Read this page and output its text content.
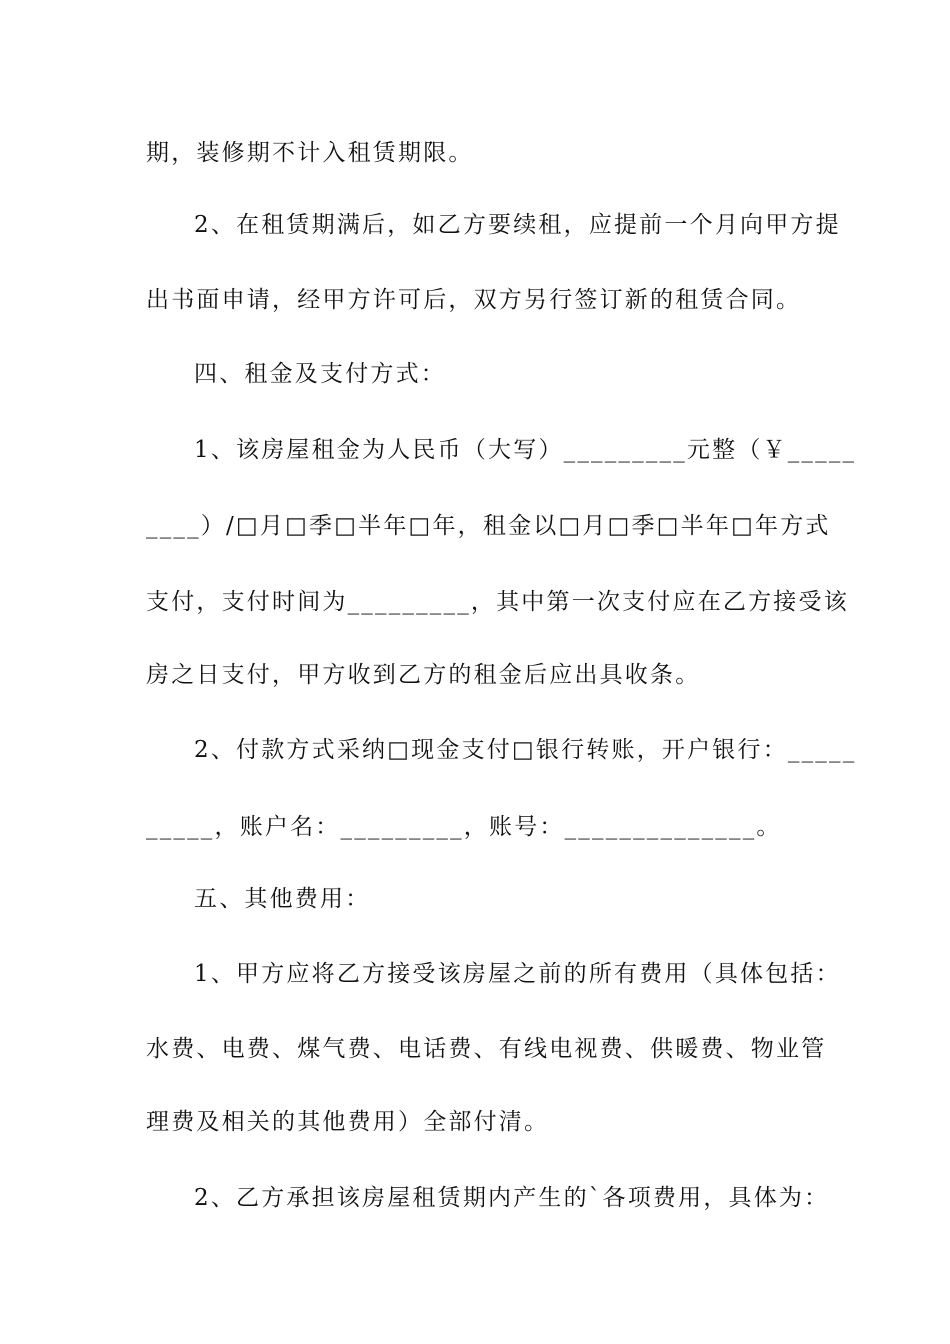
期，装修期不计入租赁期限。
2、在租赁期满后，如乙方要续租，应提前一个月向甲方提
出书面申请，经甲方许可后，双方另行签订新的租赁合同。
四、租金及支付方式：
1、该房屋租金为人民币（大写）_________元整（￥_____
____）/□月□季□半年□年，租金以□月□季□半年□年方式
支付，支付时间为_________，其中第一次支付应在乙方接受该
房之日支付，甲方收到乙方的租金后应出具收条。
2、付款方式采纳□现金支付□银行转账，开户银行：_____
_____，账户名：_________，账号：______________。
五、其他费用：
1、甲方应将乙方接受该房屋之前的所有费用（具体包括：
水费、电费、煤气费、电话费、有线电视费、供暖费、物业管
理费及相关的其他费用）全部付清。
2、乙方承担该房屋租赁期内产生的`各项费用，具体为：
